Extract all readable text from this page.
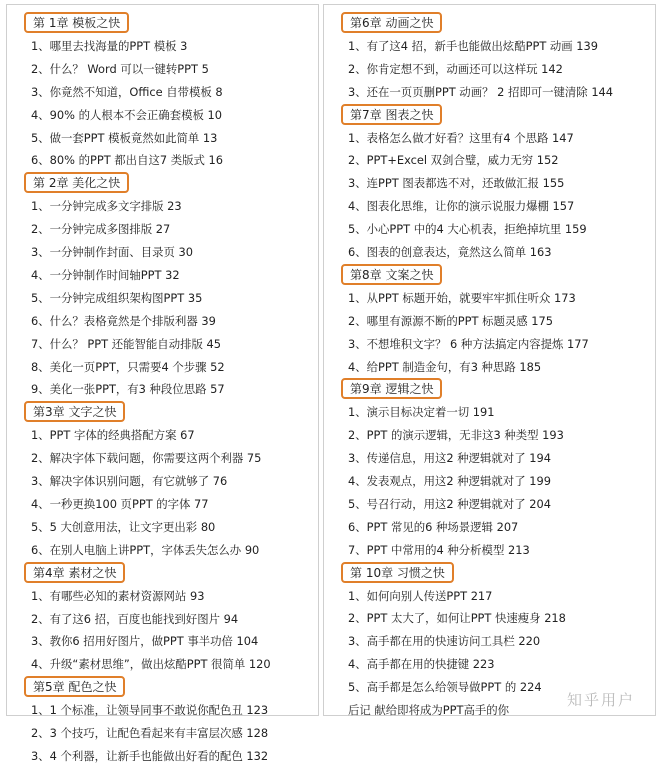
第 1章 模板之快
1、哪里去找海量的PPT 模板 3
2、什么？ Word 可以一键转PPT 5
3、你竟然不知道，Office 自带模板 8
4、90% 的人根本不会正确套模板 10
5、做一套PPT 模板竟然如此简单 13
6、80% 的PPT 都出自这7 类版式 16
第 2章 美化之快
1、一分钟完成多文字排版 23
2、一分钟完成多图排版 27
3、一分钟制作封面、目录页 30
4、一分钟制作时间轴PPT 32
5、一分钟完成组织架构图PPT 35
6、什么？表格竟然是个排版利器 39
7、什么？ PPT 还能智能自动排版 45
8、美化一页PPT，只需要4 个步骤 52
9、美化一张PPT，有3 种段位思路 57
第3章 文字之快
1、PPT 字体的经典搭配方案 67
2、解决字体下载问题，你需要这两个利器 75
3、解决字体识别问题，有它就够了 76
4、一秒更换100 页PPT 的字体 77
5、5 大创意用法，让文字更出彩 80
6、在别人电脑上讲PPT，字体丢失怎么办 90
第4章 素材之快
1、有哪些必知的素材资源网站 93
2、有了这6 招，百度也能找到好图片 94
3、教你6 招用好图片，做PPT 事半功倍 104
4、升级“素材思维”，做出炫酷PPT 很简单 120
第5章 配色之快
1、1 个标准，让领导同事不敢说你配色丑 123
2、3 个技巧，让配色看起来有丰富层次感 128
3、4 个利器，让新手也能做出好看的配色 132
第6章 动画之快
1、有了这4 招，新手也能做出炫酷PPT 动画 139
2、你肯定想不到，动画还可以这样玩 142
3、还在一页页删PPT 动画？ 2 招即可一键清除 144
第7章 图表之快
1、表格怎么做才好看？这里有4 个思路 147
2、PPT+Excel 双剑合璧，威力无穷 152
3、连PPT 图表都选不对，还敢做汇报 155
4、图表化思维，让你的演示说服力爆棚 157
5、小心PPT 中的4 大心机表，拒绝掉坑里 159
6、图表的创意表达，竟然这么简单 163
第8章 文案之快
1、从PPT 标题开始，就要牢牢抓住听众 173
2、哪里有源源不断的PPT 标题灵感 175
3、不想堆积文字？ 6 种方法搞定内容提炼 177
4、给PPT 制造金句，有3 种思路 185
第9章 逻辑之快
1、演示目标决定着一切 191
2、PPT 的演示逻辑，无非这3 种类型 193
3、传递信息，用这2 种逻辑就对了 194
4、发表观点，用这2 种逻辑就对了 199
5、号召行动，用这2 种逻辑就对了 204
6、PPT 常见的6 种场景逻辑 207
7、PPT 中常用的4 种分析模型 213
第 10章 习惯之快
1、如何向别人传送PPT 217
2、PPT 太大了，如何让PPT 快速瘦身 218
3、高手都在用的快速访问工具栏 220
4、高手都在用的快捷键 223
5、高手都是怎么给领导做PPT 的 224
后记 献给即将成为PPT高手的你
知乎用户
